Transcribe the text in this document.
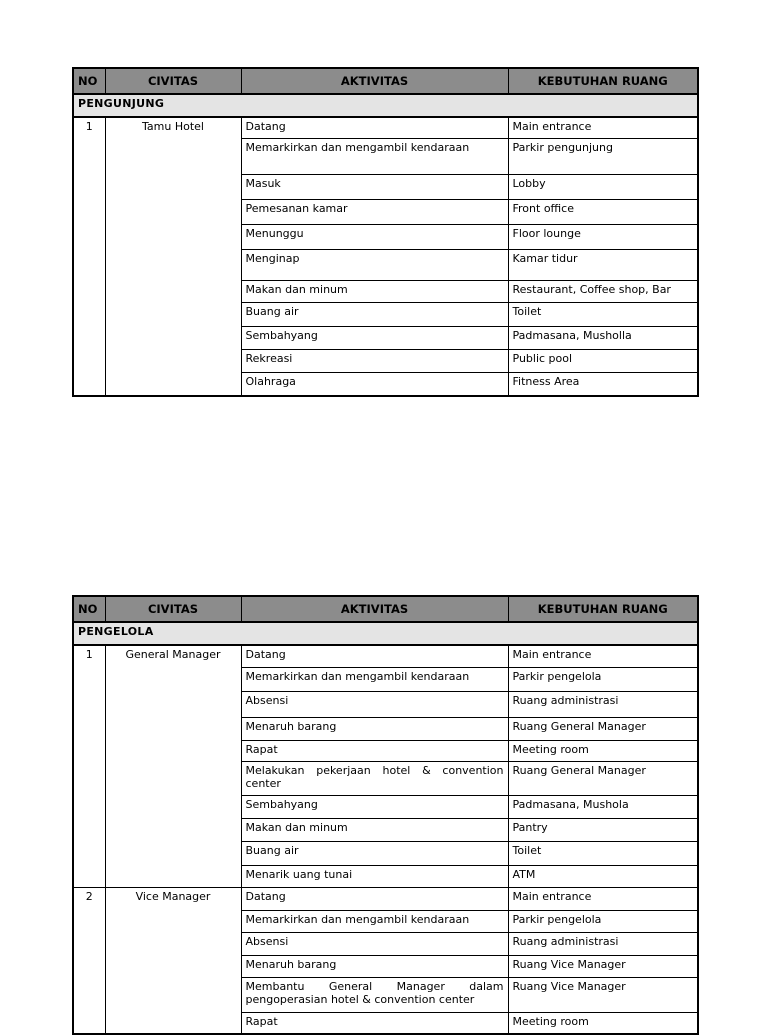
NO	CIVITAS	AKTIVITAS	KEBUTUHAN RUANG
PENGUNJUNG			
1	Tamu Hotel	Datang	Main entrance
		Memarkirkan dan mengambil kendaraan	Parkir pengunjung
		Masuk	Lobby
		Pemesanan kamar	Front office
		Menunggu	Floor lounge
		Menginap	Kamar tidur
		Makan dan minum	Restaurant, Coffee shop, Bar
		Buang air	Toilet
		Sembahyang	Padmasana, Musholla
		Rekreasi	Public pool
		Olahraga	Fitness Area
NO	CIVITAS	AKTIVITAS	KEBUTUHAN RUANG
PENGELOLA			
1	General Manager	Datang	Main entrance
		Memarkirkan dan mengambil kendaraan	Parkir pengelola
		Absensi	Ruang administrasi
		Menaruh barang	Ruang General Manager
		Rapat	Meeting room
		Melakukan pekerjaan hotel & convention center	Ruang General Manager
		Sembahyang	Padmasana, Mushola
		Makan dan minum	Pantry
		Buang air	Toilet
		Menarik uang tunai	ATM
2	Vice Manager	Datang	Main entrance
		Memarkirkan dan mengambil kendaraan	Parkir pengelola
		Absensi	Ruang administrasi
		Menaruh barang	Ruang Vice Manager
		Membantu General Manager dalam pengoperasian hotel & convention center	Ruang Vice Manager
		Rapat	Meeting room
